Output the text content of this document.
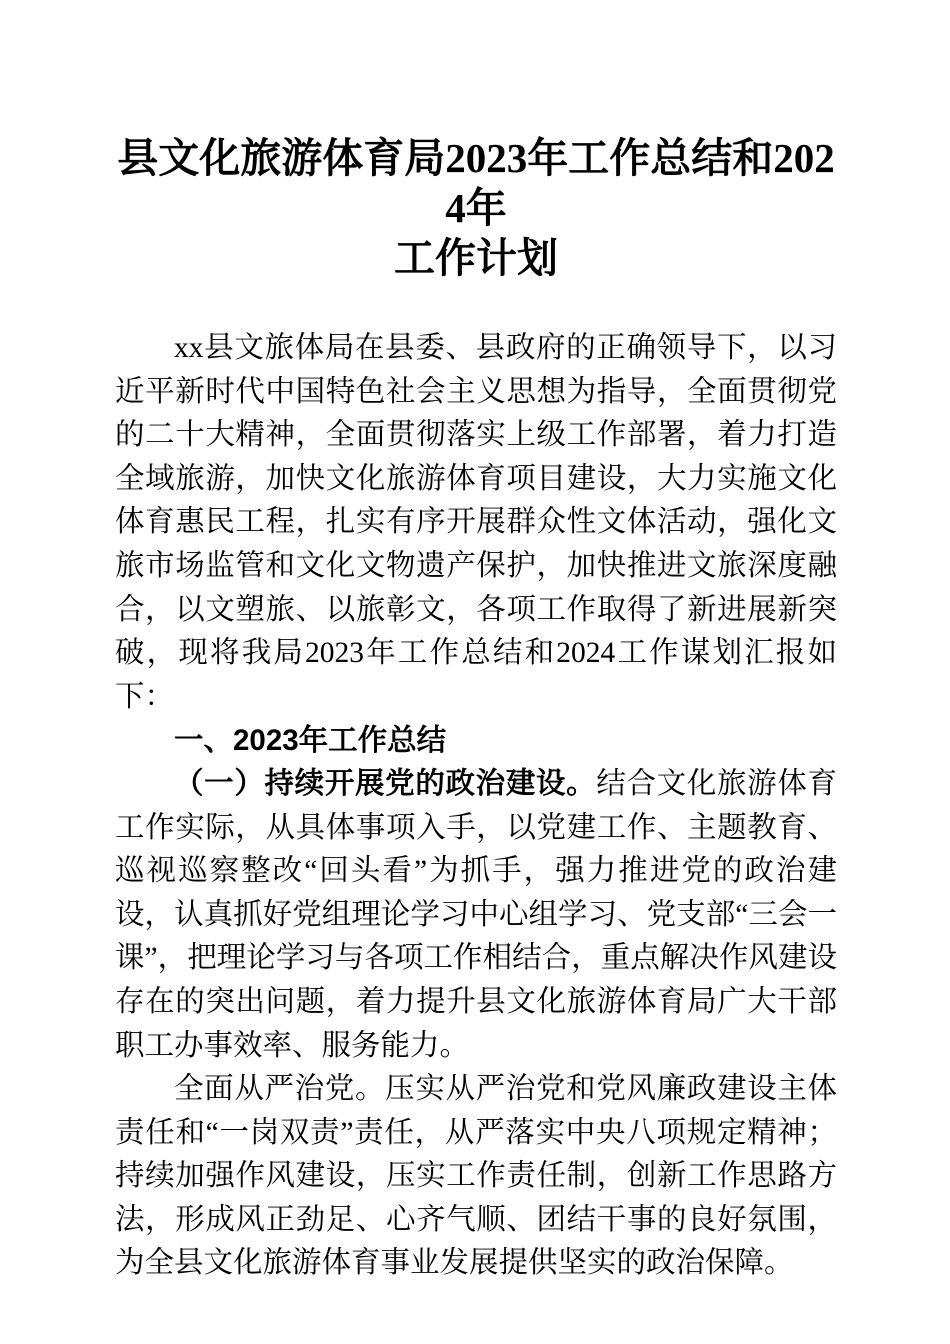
县文化旅游体育局2023年工作总结和2024年
工作计划

xx县文旅体局在县委、县政府的正确领导下，以习近平新时代中国特色社会主义思想为指导，全面贯彻党的二十大精神，全面贯彻落实上级工作部署，着力打造全域旅游，加快文化旅游体育项目建设，大力实施文化体育惠民工程，扎实有序开展群众性文体活动，强化文旅市场监管和文化文物遗产保护，加快推进文旅深度融合，以文塑旅、以旅彰文，各项工作取得了新进展新突破，现将我局2023年工作总结和2024工作谋划汇报如下：

一、2023年工作总结

（一）持续开展党的政治建设。结合文化旅游体育工作实际，从具体事项入手，以党建工作、主题教育、巡视巡察整改“回头看”为抓手，强力推进党的政治建设，认真抓好党组理论学习中心组学习、党支部“三会一课”，把理论学习与各项工作相结合，重点解决作风建设存在的突出问题，着力提升县文化旅游体育局广大干部职工办事效率、服务能力。

全面从严治党。压实从严治党和党风廉政建设主体责任和“一岗双责”责任，从严落实中央八项规定精神；持续加强作风建设，压实工作责任制，创新工作思路方法，形成风正劲足、心齐气顺、团结干事的良好氛围，为全县文化旅游体育事业发展提供坚实的政治保障。
